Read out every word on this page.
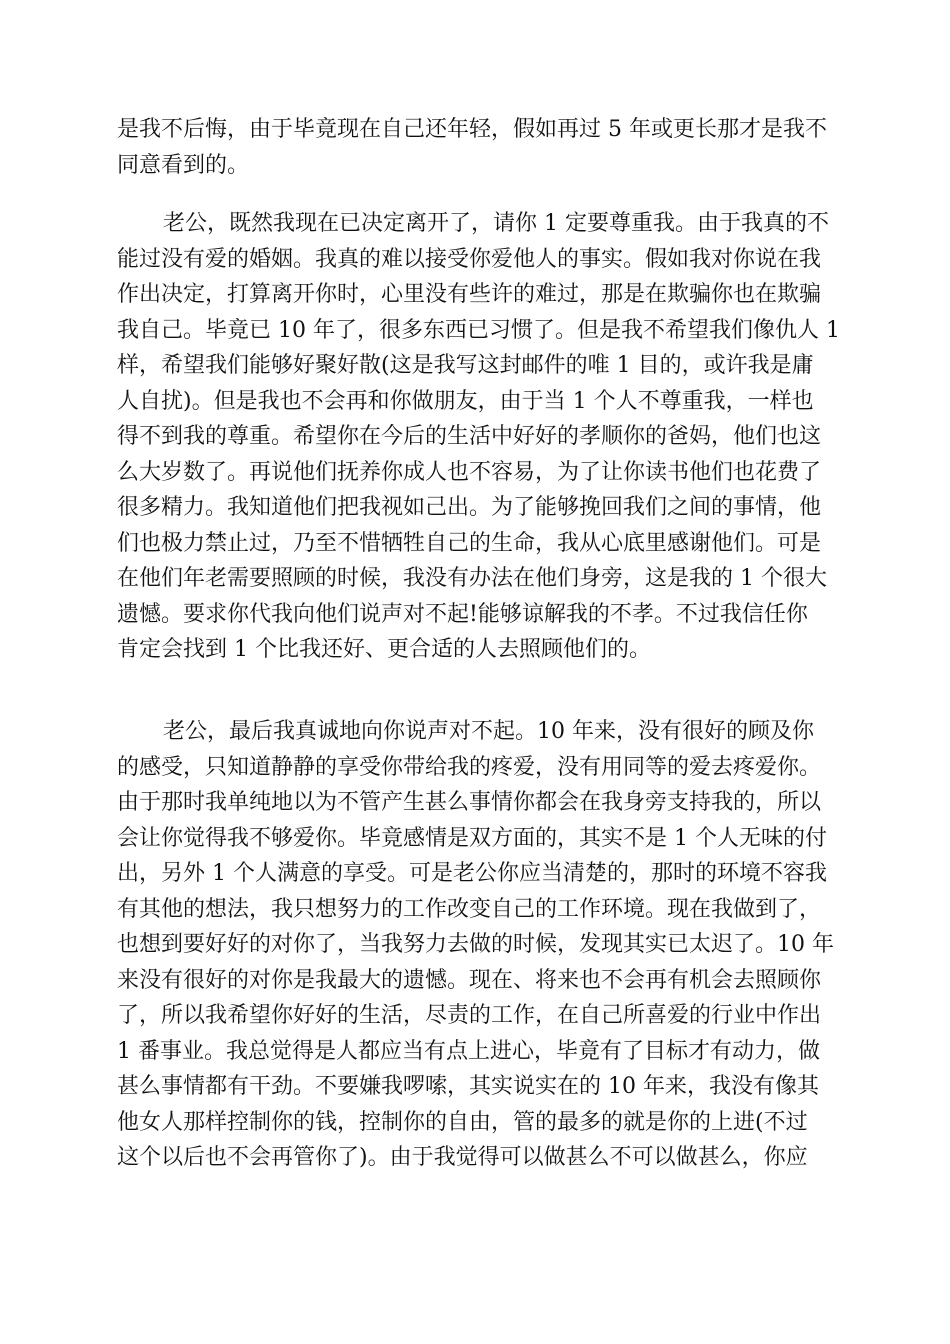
是我不后悔，由于毕竟现在自己还年轻，假如再过 5 年或更长那才是我不
同意看到的。
老公，既然我现在已决定离开了，请你 1 定要尊重我。由于我真的不
能过没有爱的婚姻。我真的难以接受你爱他人的事实。假如我对你说在我
作出决定，打算离开你时，心里没有些许的难过，那是在欺骗你也在欺骗
我自己。毕竟已 10 年了，很多东西已习惯了。但是我不希望我们像仇人 1
样，希望我们能够好聚好散(这是我写这封邮件的唯 1 目的，或许我是庸
人自扰)。但是我也不会再和你做朋友，由于当 1 个人不尊重我，一样也
得不到我的尊重。希望你在今后的生活中好好的孝顺你的爸妈，他们也这
么大岁数了。再说他们抚养你成人也不容易，为了让你读书他们也花费了
很多精力。我知道他们把我视如己出。为了能够挽回我们之间的事情，他
们也极力禁止过，乃至不惜牺牲自己的生命，我从心底里感谢他们。可是
在他们年老需要照顾的时候，我没有办法在他们身旁，这是我的 1 个很大
遗憾。要求你代我向他们说声对不起!能够谅解我的不孝。不过我信任你
肯定会找到 1 个比我还好、更合适的人去照顾他们的。
老公，最后我真诚地向你说声对不起。10 年来，没有很好的顾及你
的感受，只知道静静的享受你带给我的疼爱，没有用同等的爱去疼爱你。
由于那时我单纯地以为不管产生甚么事情你都会在我身旁支持我的，所以
会让你觉得我不够爱你。毕竟感情是双方面的，其实不是 1 个人无味的付
出，另外 1 个人满意的享受。可是老公你应当清楚的，那时的环境不容我
有其他的想法，我只想努力的工作改变自己的工作环境。现在我做到了，
也想到要好好的对你了，当我努力去做的时候，发现其实已太迟了。10 年
来没有很好的对你是我最大的遗憾。现在、将来也不会再有机会去照顾你
了，所以我希望你好好的生活，尽责的工作，在自己所喜爱的行业中作出
1 番事业。我总觉得是人都应当有点上进心，毕竟有了目标才有动力，做
甚么事情都有干劲。不要嫌我啰嗦，其实说实在的 10 年来，我没有像其
他女人那样控制你的钱，控制你的自由，管的最多的就是你的上进(不过
这个以后也不会再管你了)。由于我觉得可以做甚么不可以做甚么，你应
